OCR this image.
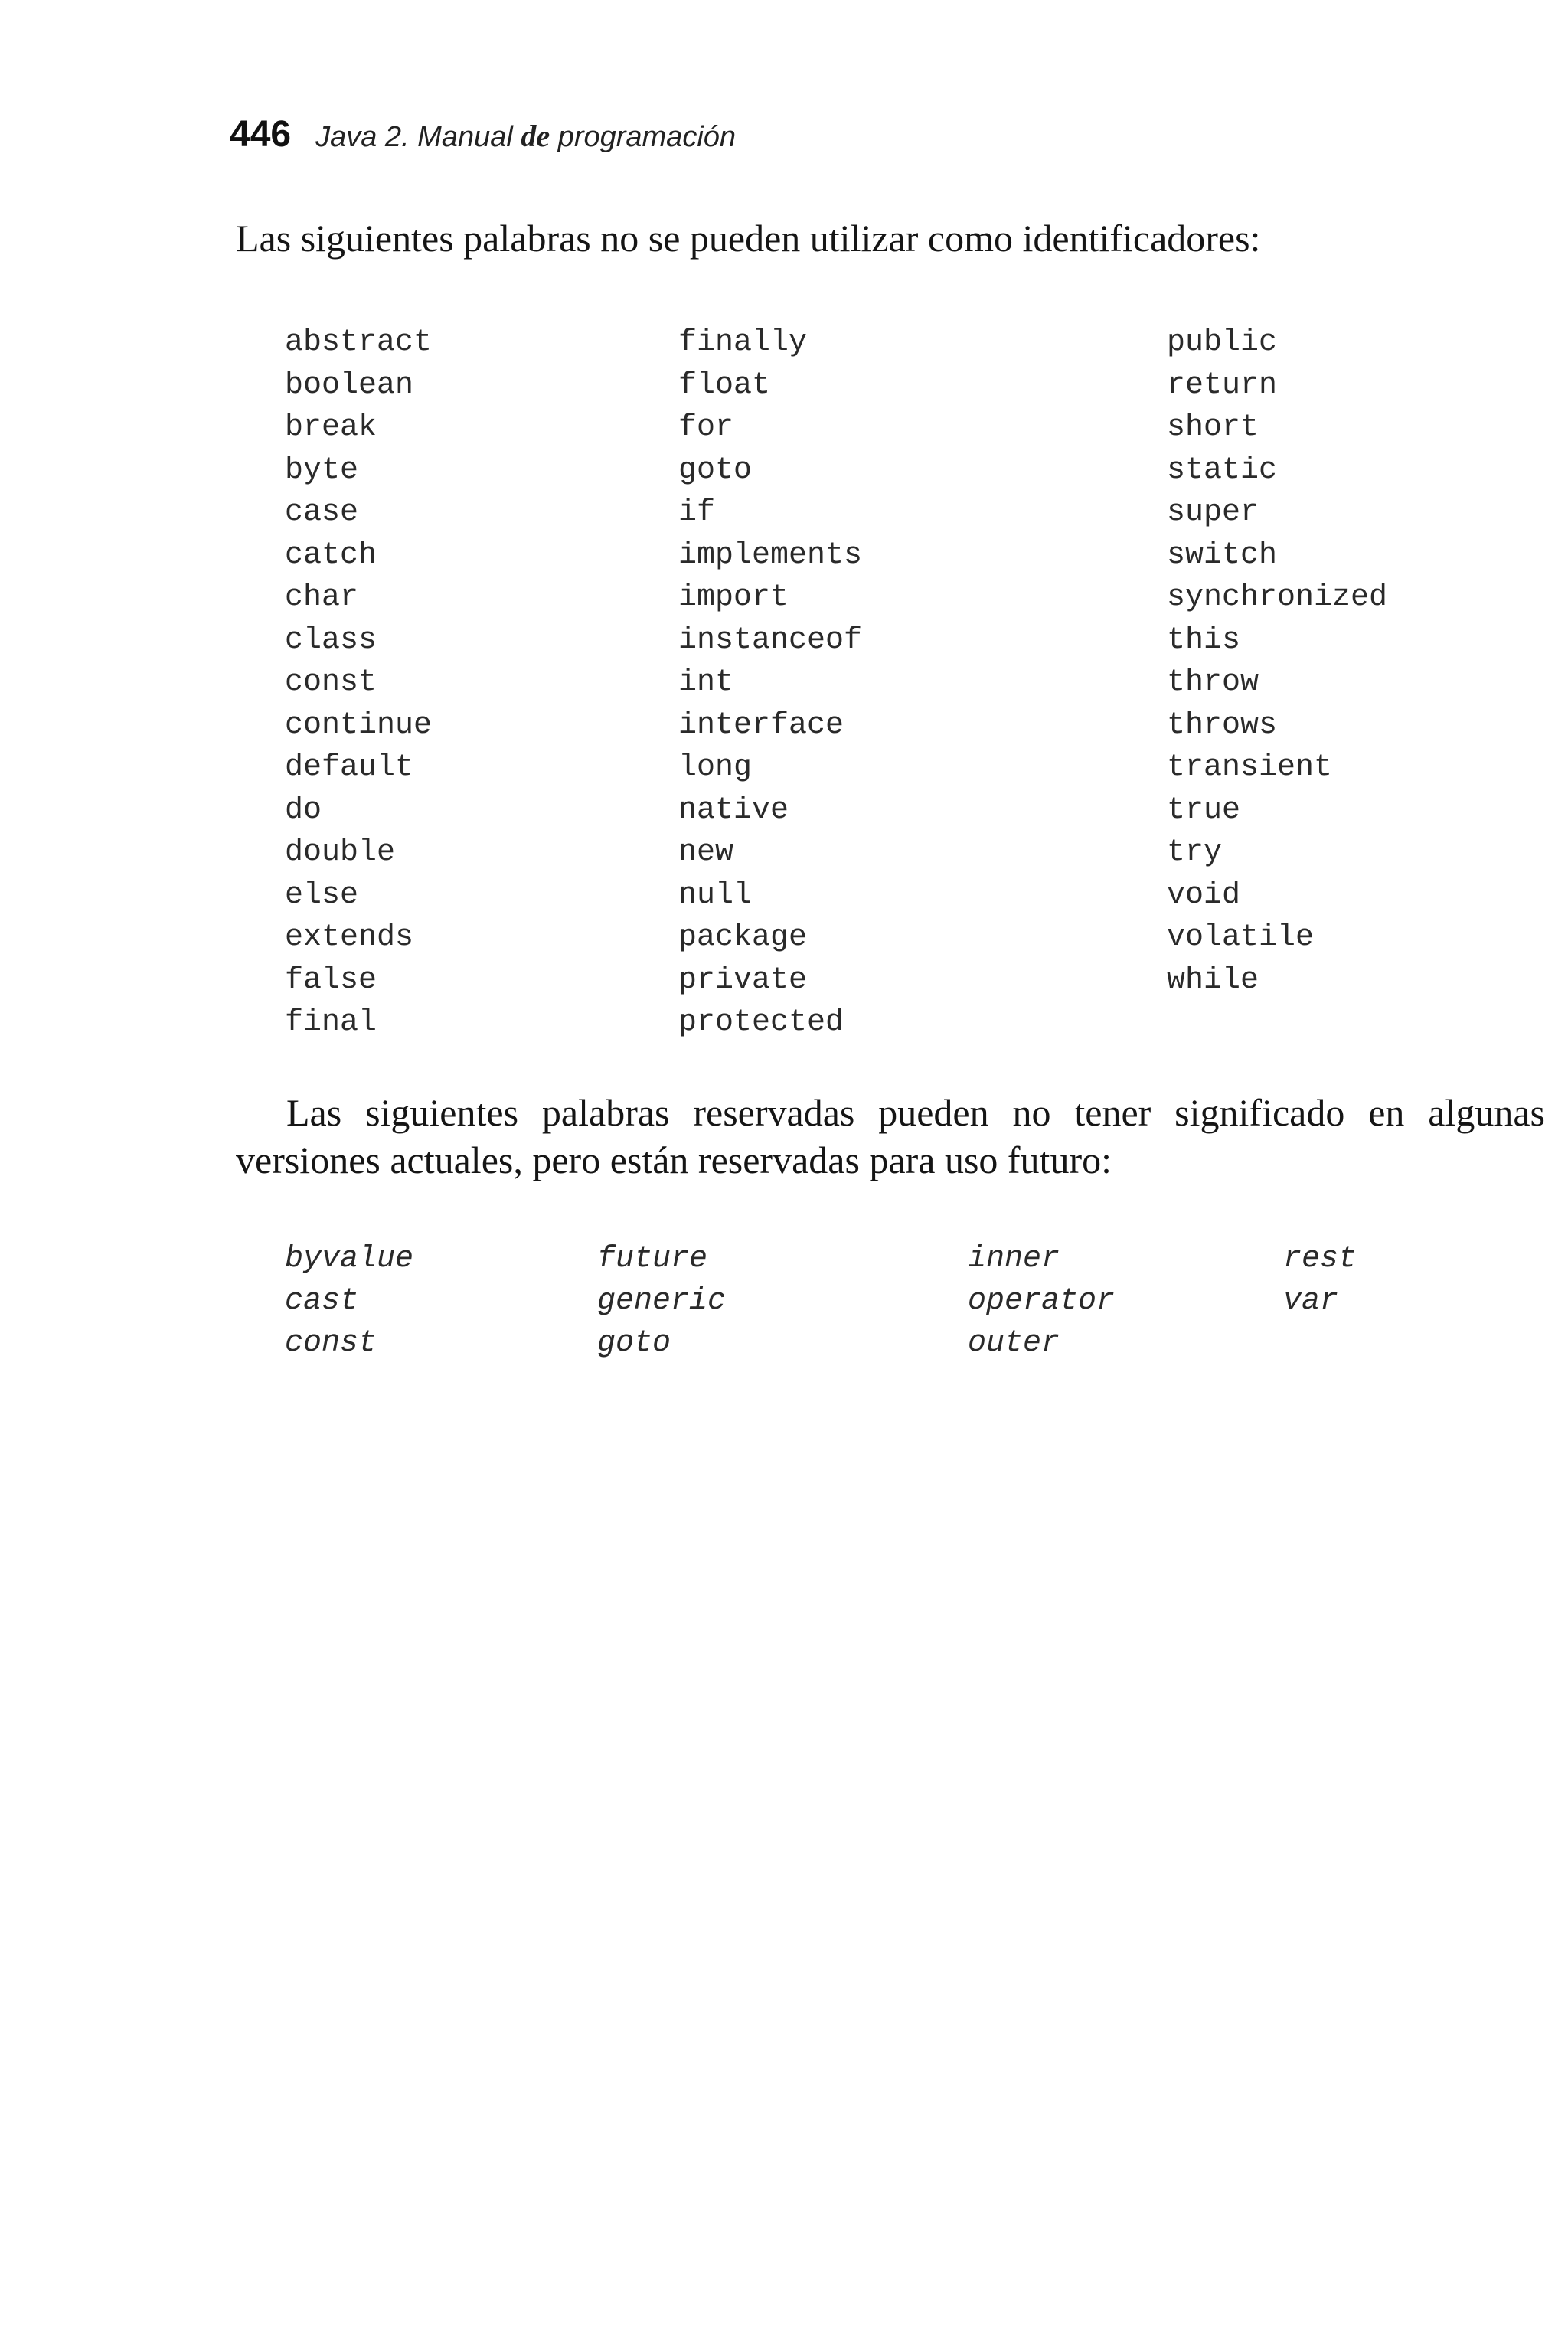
446 Java 2. Manual de programación

Las siguientes palabras no se pueden utilizar como identificadores:

abstract
boolean
break
byte
case
catch
char
class
const
continue
default
do
double
else
extends
false
final
finally
float
for
goto
if
implements
import
instanceof
int
interface
long
native
new
null
package
private
protected
public
return
short
static
super
switch
synchronized
this
throw
throws
transient
true
try
void
volatile
while

Las siguientes palabras reservadas pueden no tener significado en algunas versiones actuales, pero están reservadas para uso futuro:

byvalue
cast
const
future
generic
goto
inner
operator
outer
rest
var
